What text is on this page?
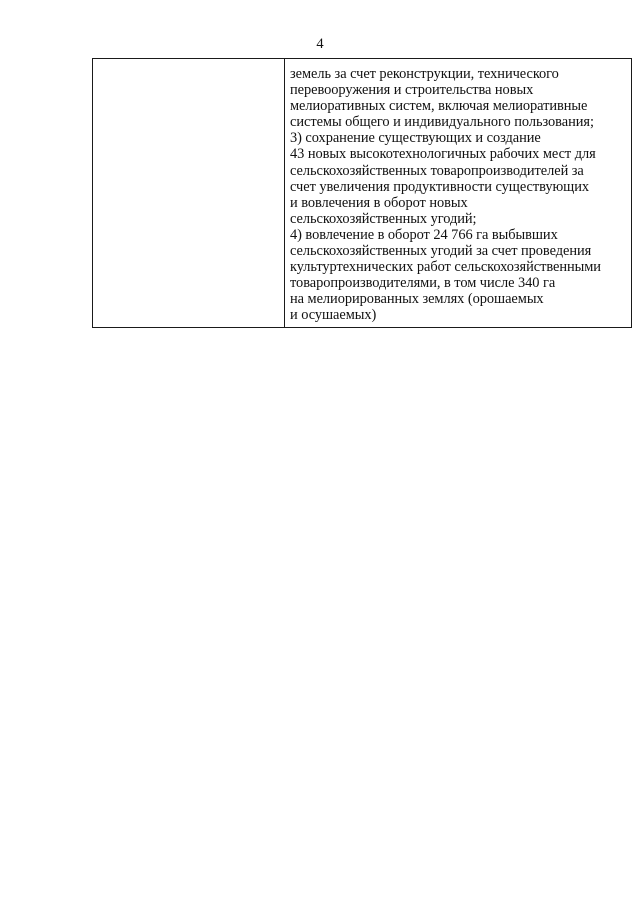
4

земель за счет реконструкции, технического
перевооружения и строительства новых
мелиоративных систем, включая мелиоративные
системы общего и индивидуального пользования;
3) сохранение существующих и создание
43 новых высокотехнологичных рабочих мест для
сельскохозяйственных товаропроизводителей за
счет увеличения продуктивности существующих
и вовлечения в оборот новых
сельскохозяйственных угодий;
4) вовлечение в оборот 24 766 га выбывших
сельскохозяйственных угодий за счет проведения
культуртехнических работ сельскохозяйственными
товаропроизводителями, в том числе 340 га
на мелиорированных землях (орошаемых
и осушаемых)
